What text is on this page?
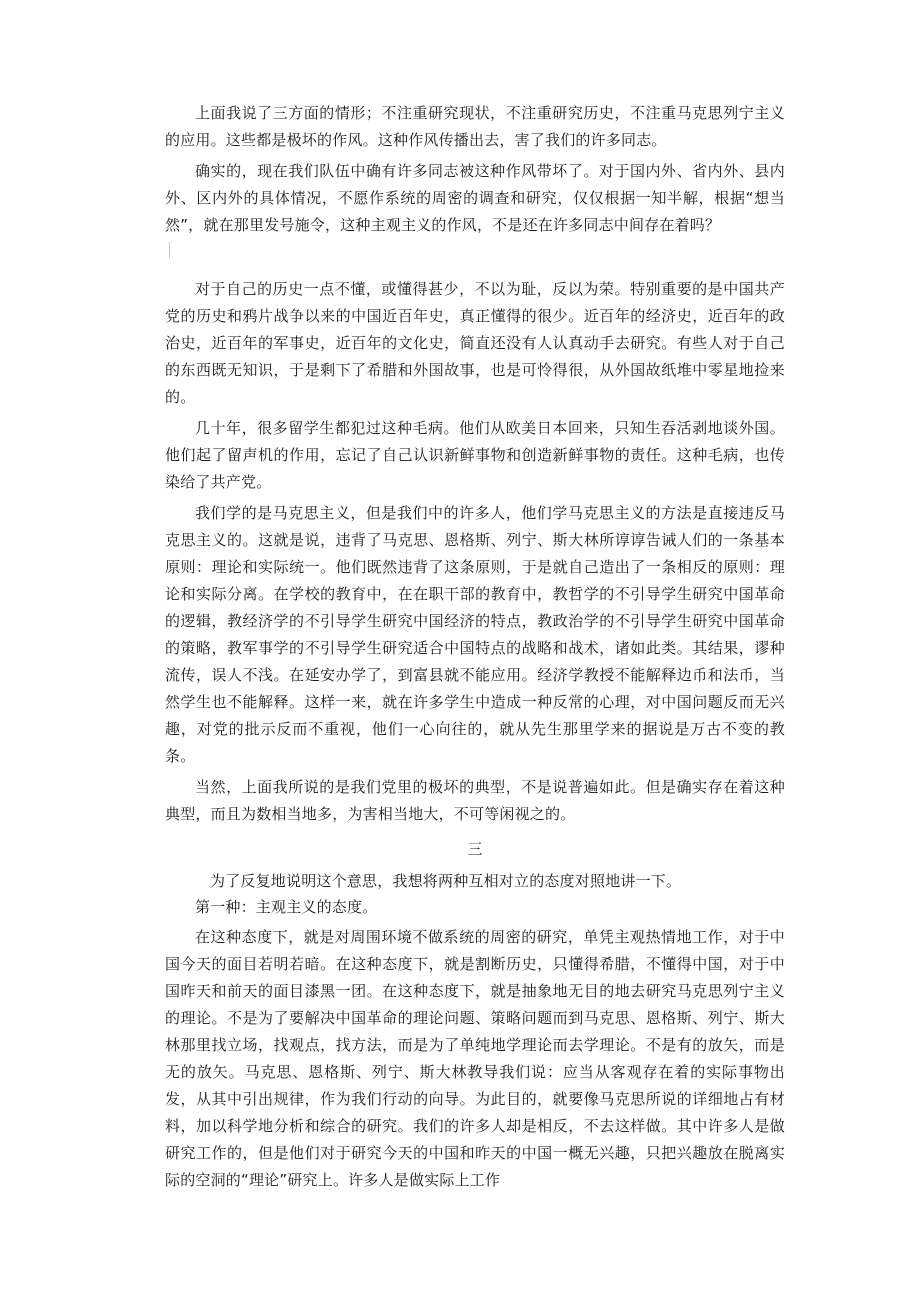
上面我说了三方面的情形；不注重研究现状，不注重研究历史，不注重马克思列宁主义的应用。这些都是极坏的作风。这种作风传播出去，害了我们的许多同志。

确实的，现在我们队伍中确有许多同志被这种作风带坏了。对于国内外、省内外、县内外、区内外的具体情况，不愿作系统的周密的调查和研究，仅仅根据一知半解，根据“想当然”，就在那里发号施令，这种主观主义的作风，不是还在许多同志中间存在着吗？

对于自己的历史一点不懂，或懂得甚少，不以为耻，反以为荣。特别重要的是中国共产党的历史和鸦片战争以来的中国近百年史，真正懂得的很少。近百年的经济史，近百年的政治史，近百年的军事史，近百年的文化史，简直还没有人认真动手去研究。有些人对于自己的东西既无知识，于是剩下了希腊和外国故事，也是可怜得很，从外国故纸堆中零星地捡来的。

几十年，很多留学生都犯过这种毛病。他们从欧美日本回来，只知生吞活剥地谈外国。他们起了留声机的作用，忘记了自己认识新鲜事物和创造新鲜事物的责任。这种毛病，也传染给了共产党。

我们学的是马克思主义，但是我们中的许多人，他们学马克思主义的方法是直接违反马克思主义的。这就是说，违背了马克思、恩格斯、列宁、斯大林所谆谆告诫人们的一条基本原则：理论和实际统一。他们既然违背了这条原则，于是就自己造出了一条相反的原则：理论和实际分离。在学校的教育中，在在职干部的教育中，教哲学的不引导学生研究中国革命的逻辑，教经济学的不引导学生研究中国经济的特点，教政治学的不引导学生研究中国革命的策略，教军事学的不引导学生研究适合中国特点的战略和战术，诸如此类。其结果，谬种流传，误人不浅。在延安办学了，到富县就不能应用。经济学教授不能解释边币和法币，当然学生也不能解释。这样一来，就在许多学生中造成一种反常的心理，对中国问题反而无兴趣，对党的批示反而不重视，他们一心向往的，就从先生那里学来的据说是万古不变的教条。

当然，上面我所说的是我们党里的极坏的典型，不是说普遍如此。但是确实存在着这种典型，而且为数相当地多，为害相当地大，不可等闲视之的。

三

为了反复地说明这个意思，我想将两种互相对立的态度对照地讲一下。

第一种：主观主义的态度。

在这种态度下，就是对周围环境不做系统的周密的研究，单凭主观热情地工作，对于中国今天的面目若明若暗。在这种态度下，就是割断历史，只懂得希腊，不懂得中国，对于中国昨天和前天的面目漆黑一团。在这种态度下，就是抽象地无目的地去研究马克思列宁主义的理论。不是为了要解决中国革命的理论问题、策略问题而到马克思、恩格斯、列宁、斯大林那里找立场，找观点，找方法，而是为了单纯地学理论而去学理论。不是有的放矢，而是无的放矢。马克思、恩格斯、列宁、斯大林教导我们说：应当从客观存在着的实际事物出发，从其中引出规律，作为我们行动的向导。为此目的，就要像马克思所说的详细地占有材料，加以科学地分析和综合的研究。我们的许多人却是相反，不去这样做。其中许多人是做研究工作的，但是他们对于研究今天的中国和昨天的中国一概无兴趣，只把兴趣放在脱离实际的空洞的“理论”研究上。许多人是做实际上工作
